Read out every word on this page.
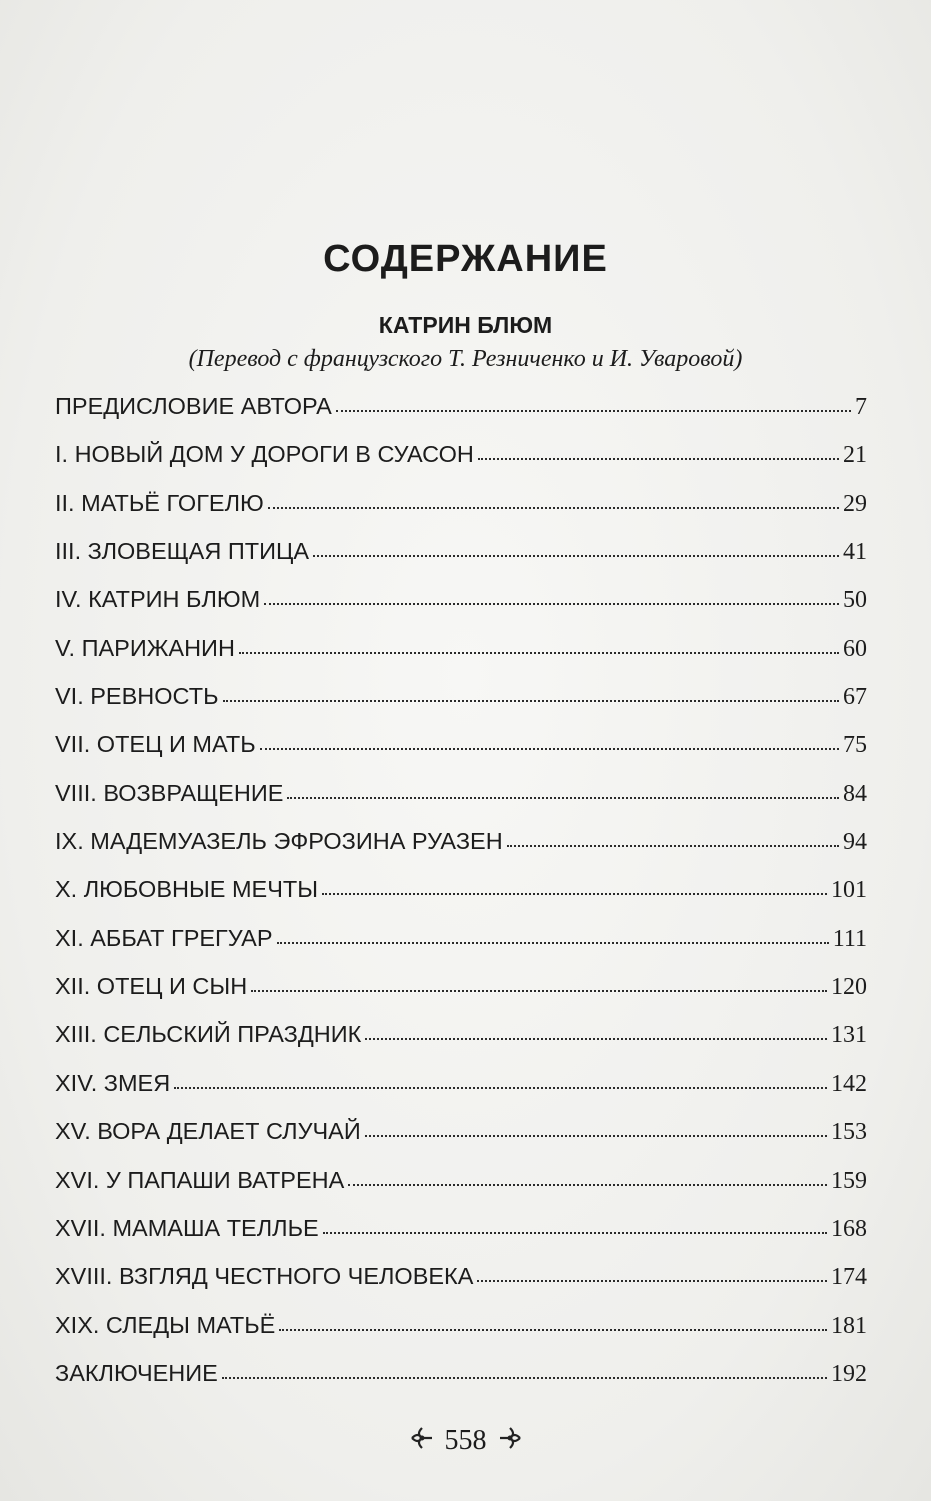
СОДЕРЖАНИЕ
КАТРИН БЛЮМ
(Перевод с французского Т. Резниченко и И. Уваровой)
ПРЕДИСЛОВИЕ АВТОРА	7
I. НОВЫЙ ДОМ У ДОРОГИ В СУАСОН	21
II. МАТЬЁ ГОГЕЛЮ	29
III. ЗЛОВЕЩАЯ ПТИЦА	41
IV. КАТРИН БЛЮМ	50
V. ПАРИЖАНИН	60
VI. РЕВНОСТЬ	67
VII. ОТЕЦ И МАТЬ	75
VIII. ВОЗВРАЩЕНИЕ	84
IX. МАДЕМУАЗЕЛЬ ЭФРОЗИНА РУАЗЕН	94
X. ЛЮБОВНЫЕ МЕЧТЫ	101
XI. АББАТ ГРЕГУАР	111
XII. ОТЕЦ И СЫН	120
XIII. СЕЛЬСКИЙ ПРАЗДНИК	131
XIV. ЗМЕЯ	142
XV. ВОРА ДЕЛАЕТ СЛУЧАЙ	153
XVI. У ПАПАШИ ВАТРЕНА	159
XVII. МАМАША ТЕЛЛЬЕ	168
XVIII. ВЗГЛЯД ЧЕСТНОГО ЧЕЛОВЕКА	174
XIX. СЛЕДЫ МАТЬЁ	181
ЗАКЛЮЧЕНИЕ	192
558
